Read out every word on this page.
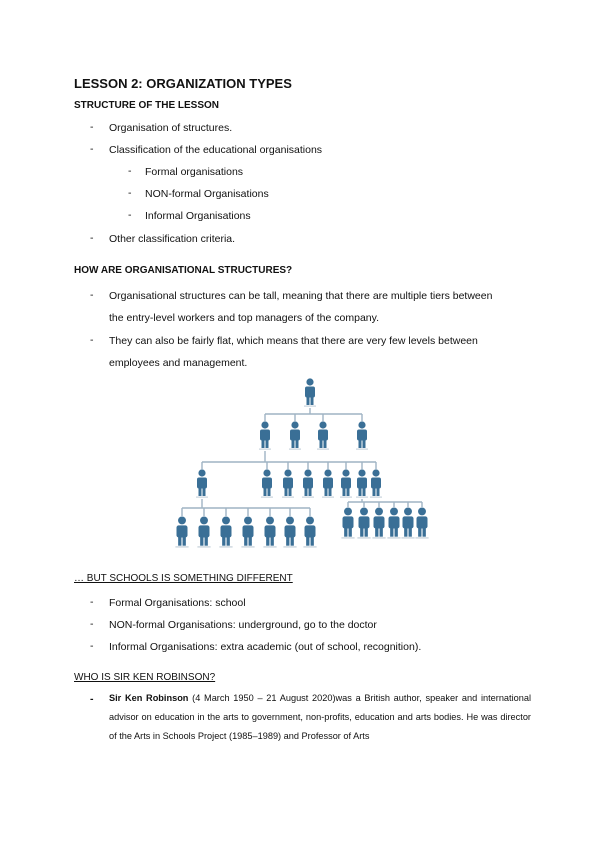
LESSON 2: ORGANIZATION TYPES
STRUCTURE OF THE LESSON
- Organisation of structures.
- Classification of the educational organisations
- Formal organisations
- NON-formal Organisations
- Informal Organisations
- Other classification criteria.
HOW ARE ORGANISATIONAL STRUCTURES?
- Organisational structures can be tall, meaning that there are multiple tiers between
the entry-level workers and top managers of the company.
- They can also be fairly flat, which means that there are very few levels between
employees and management.
… BUT SCHOOLS IS SOMETHING DIFFERENT
- Formal Organisations: school
- NON-formal Organisations: underground, go to the doctor
- Informal Organisations: extra academic (out of school, recognition).
WHO IS SIR KEN ROBINSON?
- Sir Ken Robinson (4 March 1950 – 21 August 2020)was a British author, speaker and international advisor on education in the arts to government, non-profits, education and arts bodies. He was director of the Arts in Schools Project (1985–1989) and Professor of Arts
